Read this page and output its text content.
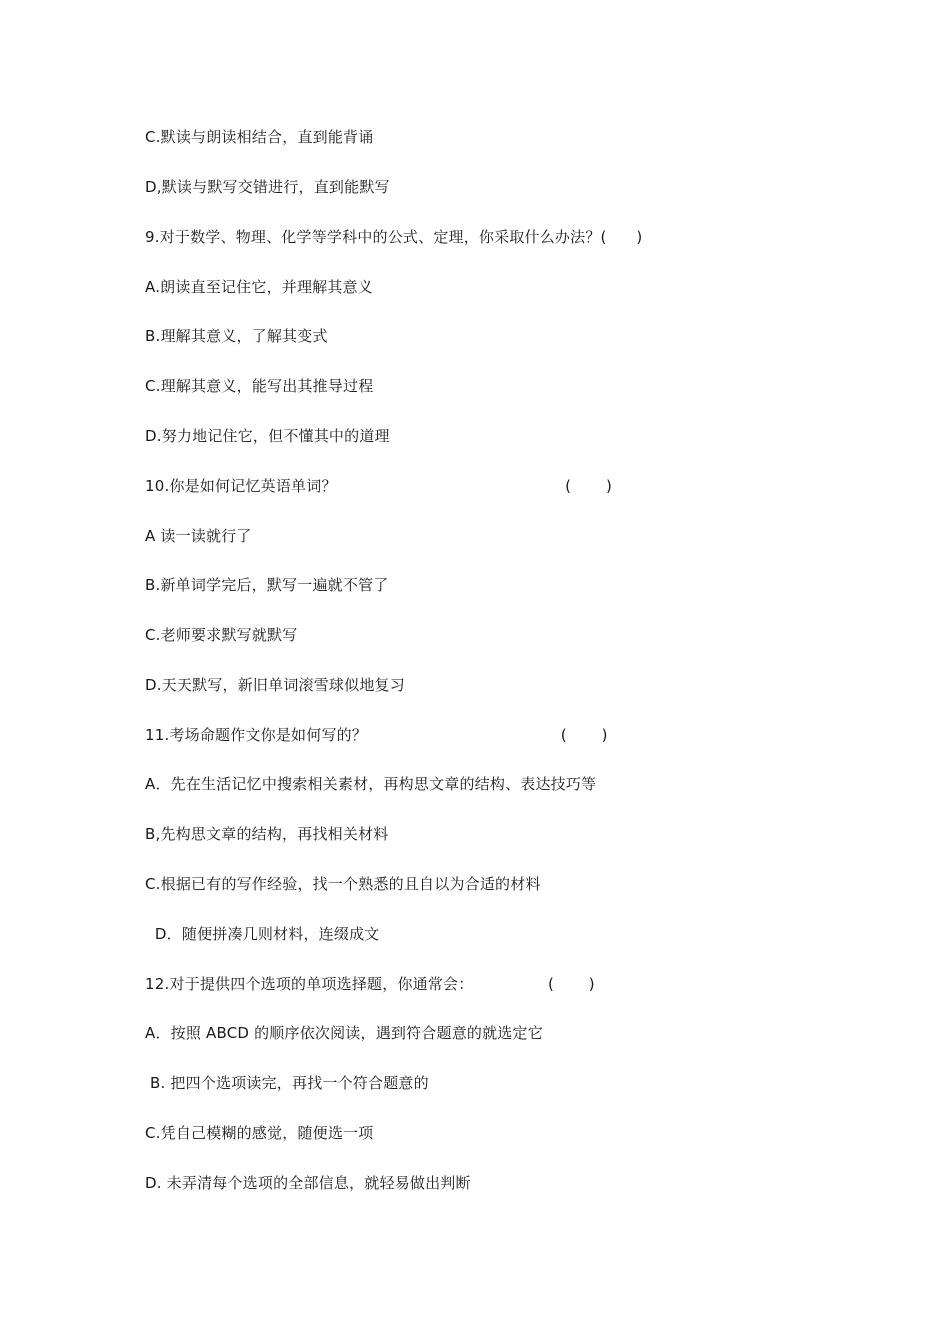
C.默读与朗读相结合，直到能背诵
D,默读与默写交错进行，直到能默写
9.对于数学、物理、化学等学科中的公式、定理，你采取什么办法？(      )
A.朗读直至记住它，并理解其意义
B.理解其意义，了解其变式
C.理解其意义，能写出其推导过程
D.努力地记住它，但不懂其中的道理
10.你是如何记忆英语单词？                                              (       )
A 读一读就行了
B.新单词学完后，默写一遍就不管了
C.老师要求默写就默写
D.天天默写，新旧单词滚雪球似地复习
11.考场命题作文你是如何写的？                                       (       )
A．先在生活记忆中搜索相关素材，再构思文章的结构、表达技巧等
B,先构思文章的结构，再找相关材料
C.根据已有的写作经验，找一个熟悉的且自以为合适的材料
D．随便拼凑几则材料，连缀成文
12.对于提供四个选项的单项选择题，你通常会：               (       )
A．按照 ABCD 的顺序依次阅读，遇到符合题意的就选定它
B. 把四个选项读完，再找一个符合题意的
C.凭自己模糊的感觉，随便选一项
D. 未弄清每个选项的全部信息，就轻易做出判断
